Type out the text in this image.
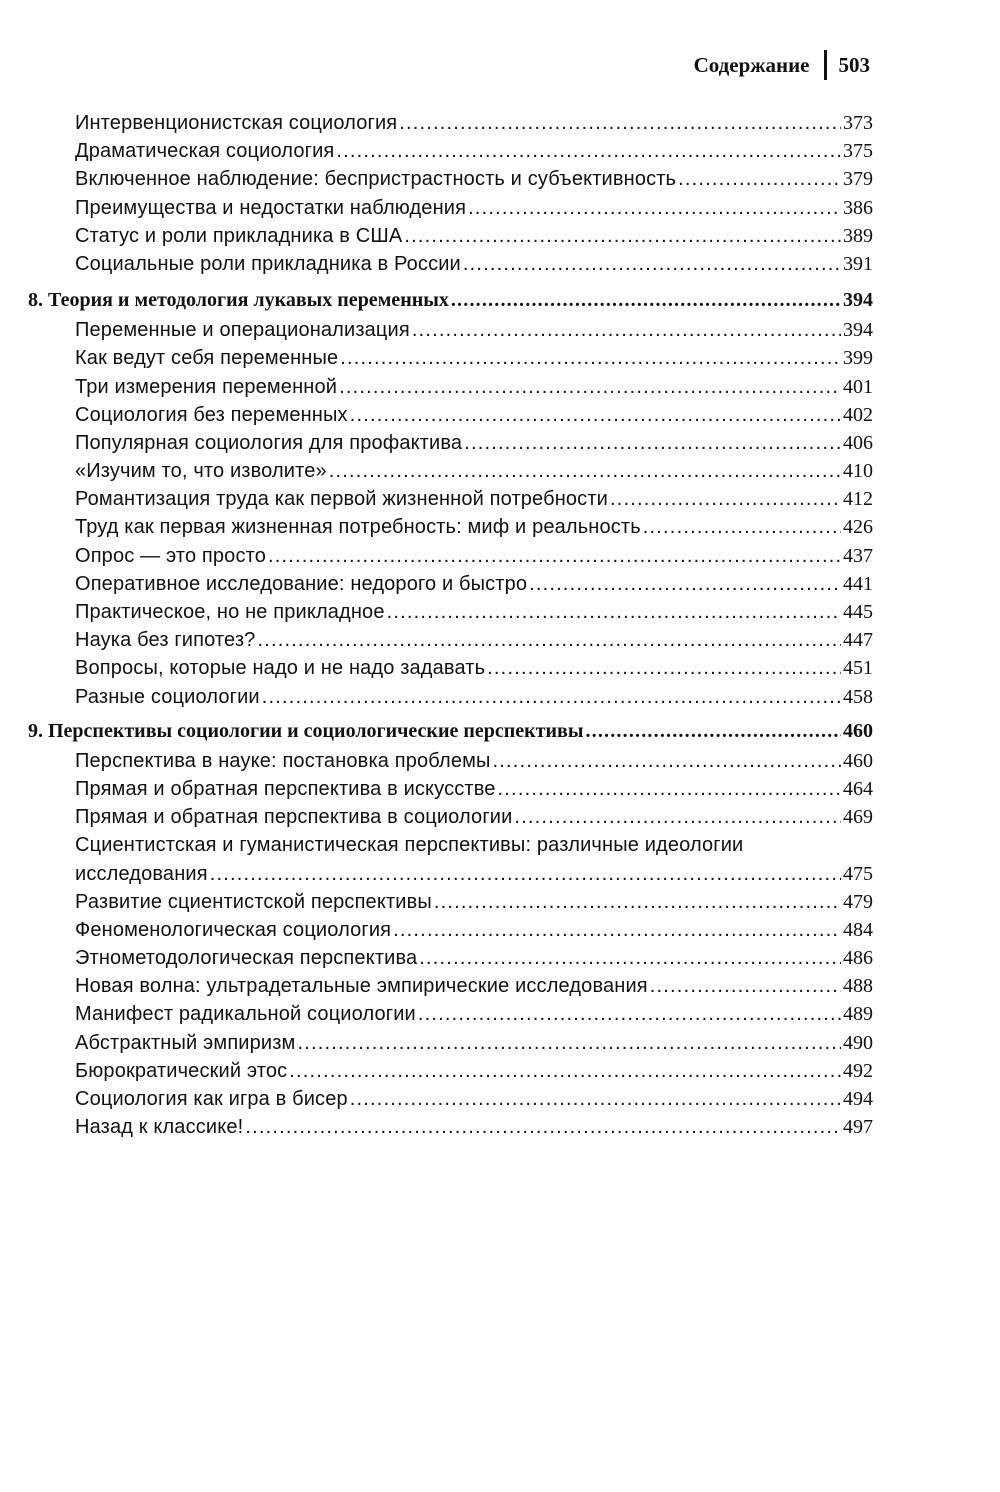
Содержание 503
Интервенционистская социология .....	373
Драматическая социология .....	375
Включенное наблюдение: беспристрастность и субъективность .....	379
Преимущества и недостатки наблюдения .....	386
Статус и роли прикладника в США .....	389
Социальные роли прикладника в России .....	391
8. Теория и методология лукавых переменных .....	394
Переменные и операционализация .....	394
Как ведут себя переменные .....	399
Три измерения переменной .....	401
Социология без переменных .....	402
Популярная социология для профактива .....	406
«Изучим то, что изволите» .....	410
Романтизация труда как первой жизненной потребности .....	412
Труд как первая жизненная потребность: миф и реальность .....	426
Опрос — это просто .....	437
Оперативное исследование: недорого и быстро .....	441
Практическое, но не прикладное .....	445
Наука без гипотез? .....	447
Вопросы, которые надо и не надо задавать .....	451
Разные социологии .....	458
9. Перспективы социологии и социологические перспективы .....	460
Перспектива в науке: постановка проблемы .....	460
Прямая и обратная перспектива в искусстве .....	464
Прямая и обратная перспектива в социологии .....	469
Сциентистская и гуманистическая перспективы: различные идеологии
исследования .....	475
Развитие сциентистской перспективы .....	479
Феноменологическая социология .....	484
Этнометодологическая перспектива .....	486
Новая волна: ультрадетальные эмпирические исследования .....	488
Манифест радикальной социологии .....	489
Абстрактный эмпиризм .....	490
Бюрократический этос .....	492
Социология как игра в бисер .....	494
Назад к классике! .....	497
